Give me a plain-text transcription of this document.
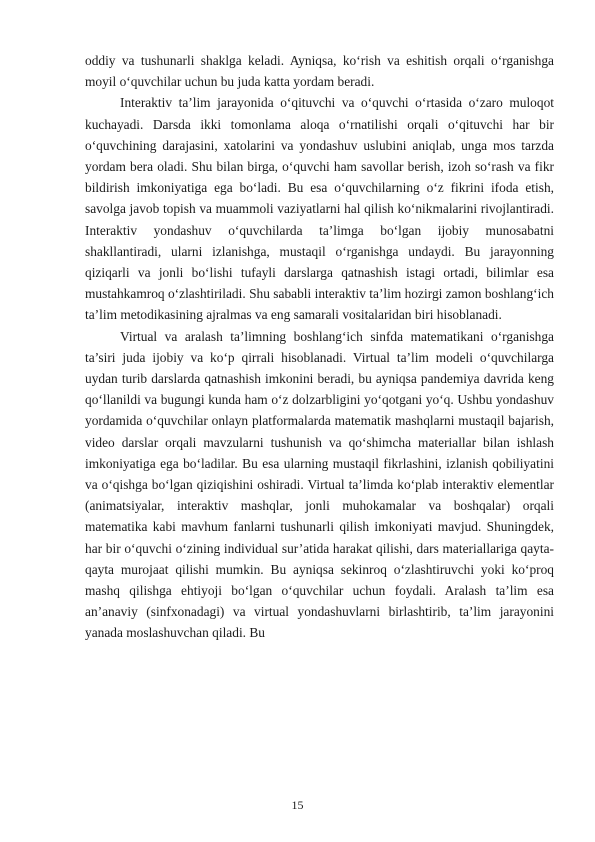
oddiy va tushunarli shaklga keladi. Ayniqsa, ko‘rish va eshitish orqali o‘rganishga moyil o‘quvchilar uchun bu juda katta yordam beradi.

Interaktiv ta’lim jarayonida o‘qituvchi va o‘quvchi o‘rtasida o‘zaro muloqot kuchayadi. Darsda ikki tomonlama aloqa o‘rnatilishi orqali o‘qituvchi har bir o‘quvchining darajasini, xatolarini va yondashuv uslubini aniqlab, unga mos tarzda yordam bera oladi. Shu bilan birga, o‘quvchi ham savollar berish, izoh so‘rash va fikr bildirish imkoniyatiga ega bo‘ladi. Bu esa o‘quvchilarning o‘z fikrini ifoda etish, savolga javob topish va muammoli vaziyatlarni hal qilish ko‘nikmalarini rivojlantiradi. Interaktiv yondashuv o‘quvchilarda ta’limga bo‘lgan ijobiy munosabatni shakllantiradi, ularni izlanishga, mustaqil o‘rganishga undaydi. Bu jarayonning qiziqarli va jonli bo‘lishi tufayli darslarga qatnashish istagi ortadi, bilimlar esa mustahkamroq o‘zlashtiriladi. Shu sababli interaktiv ta’lim hozirgi zamon boshlang‘ich ta’lim metodikasining ajralmas va eng samarali vositalaridan biri hisoblanadi.

Virtual va aralash ta’limning boshlang‘ich sinfda matematikani o‘rganishga ta’siri juda ijobiy va ko‘p qirrali hisoblanadi. Virtual ta’lim modeli o‘quvchilarga uydan turib darslarda qatnashish imkonini beradi, bu ayniqsa pandemiya davrida keng qo‘llanildi va bugungi kunda ham o‘z dolzarbligini yo‘qotgani yo‘q. Ushbu yondashuv yordamida o‘quvchilar onlayn platformalarda matematik mashqlarni mustaqil bajarish, video darslar orqali mavzularni tushunish va qo‘shimcha materiallar bilan ishlash imkoniyatiga ega bo‘ladilar. Bu esa ularning mustaqil fikrlashini, izlanish qobiliyatini va o‘qishga bo‘lgan qiziqishini oshiradi. Virtual ta’limda ko‘plab interaktiv elementlar (animatsiyalar, interaktiv mashqlar, jonli muhokamalar va boshqalar) orqali matematika kabi mavhum fanlarni tushunarli qilish imkoniyati mavjud. Shuningdek, har bir o‘quvchi o‘zining individual sur’atida harakat qilishi, dars materiallariga qayta-qayta murojaat qilishi mumkin. Bu ayniqsa sekinroq o‘zlashtiruvchi yoki ko‘proq mashq qilishga ehtiyoji bo‘lgan o‘quvchilar uchun foydali. Aralash ta’lim esa an’anaviy (sinfxonadagi) va virtual yondashuvlarni birlashtirib, ta’lim jarayonini yanada moslashuvchan qiladi. Bu

15
